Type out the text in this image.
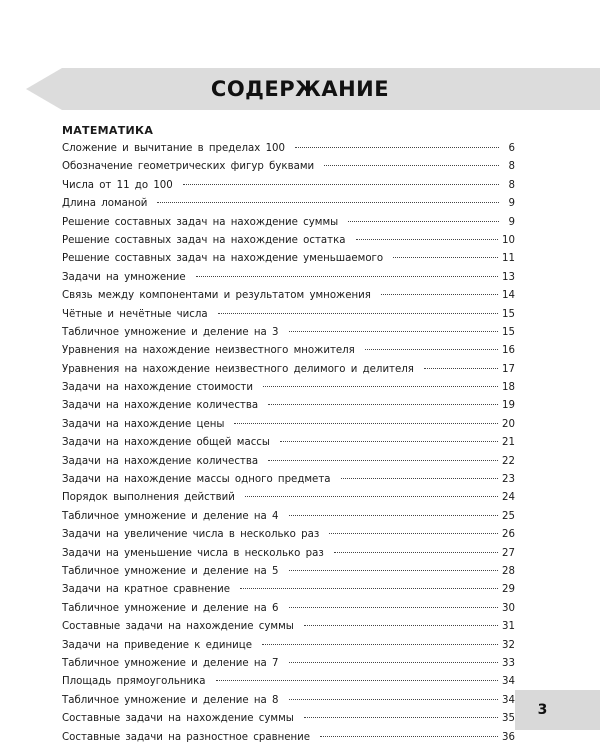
СОДЕРЖАНИЕ
МАТЕМАТИКА
Сложение и вычитание в пределах 100	6
Обозначение геометрических фигур буквами	8
Числа от 11 до 100	8
Длина ломаной	9
Решение составных задач на нахождение суммы	9
Решение составных задач на нахождение остатка	10
Решение составных задач на нахождение уменьшаемого	11
Задачи на умножение	13
Связь между компонентами и результатом умножения	14
Чётные и нечётные числа	15
Табличное умножение и деление на 3	15
Уравнения на нахождение неизвестного множителя	16
Уравнения на нахождение неизвестного делимого и делителя	17
Задачи на нахождение стоимости	18
Задачи на нахождение количества	19
Задачи на нахождение цены	20
Задачи на нахождение общей массы	21
Задачи на нахождение количества	22
Задачи на нахождение массы одного предмета	23
Порядок выполнения действий	24
Табличное умножение и деление на 4	25
Задачи на увеличение числа в несколько раз	26
Задачи на уменьшение числа в несколько раз	27
Табличное умножение и деление на 5	28
Задачи на кратное сравнение	29
Табличное умножение и деление на 6	30
Составные задачи на нахождение суммы	31
Задачи на приведение к единице	32
Табличное умножение и деление на 7	33
Площадь прямоугольника	34
Табличное умножение и деление на 8	34
Составные задачи на нахождение суммы	35
Составные задачи на разностное сравнение	36
3
